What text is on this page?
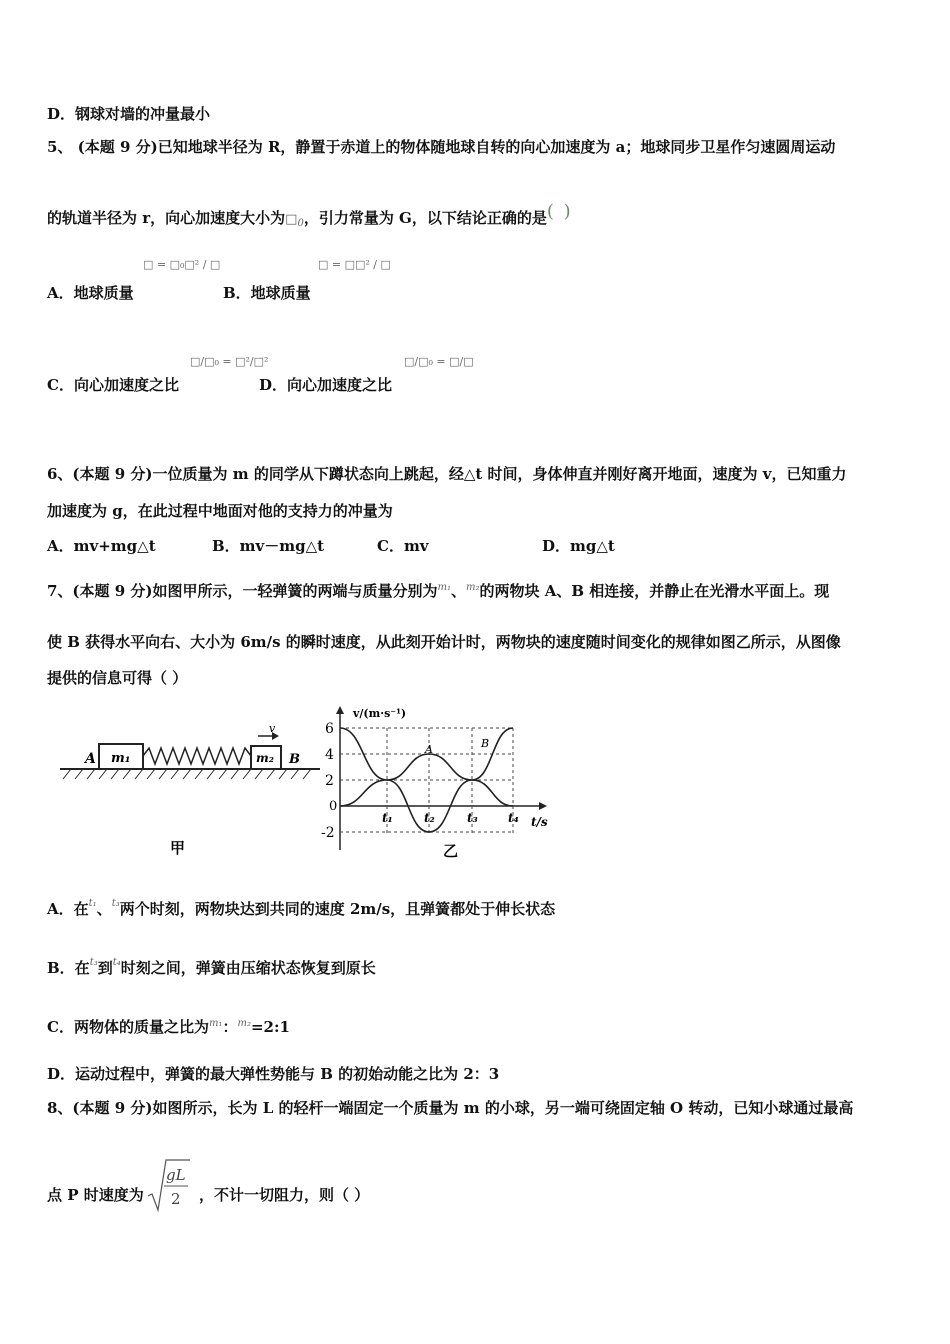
D．钢球对墙的冲量最小
5、 (本题 9 分)已知地球半径为 R，静置于赤道上的物体随地球自转的向心加速度为 a；地球同步卫星作匀速圆周运动
的轨道半径为 r，向心加速度大小为$□_0$，引力常量为 G，以下结论正确的是( )
A．地球质量
□ = □₀□² / □
B．地球质量
□ = □□² / □
C．向心加速度之比
□/□₀ = □²/□²
D．向心加速度之比
□/□₀ = □/□
6、(本题 9 分)一位质量为 m 的同学从下蹲状态向上跳起，经△t 时间，身体伸直并刚好离开地面，速度为 v，已知重力
加速度为 g，在此过程中地面对他的支持力的冲量为
A．mv+mg△t	B．mv－mg△t	C．mv	D．mg△t
7、(本题 9 分)如图甲所示，一轻弹簧的两端与质量分别为$^{m_1}$、$^{m_2}$的两物块 A、B 相连接，并静止在光滑水平面上。现
使 B 获得水平向右、大小为 6m/s 的瞬时速度，从此刻开始计时，两物块的速度随时间变化的规律如图乙所示，从图像
提供的信息可得（ ）
A m₁	m₂ B
v
甲
v/(m·s⁻¹)
t/s
乙
6
4
2
0
-2
t₁	t₂	t₃	t₄
A	B
A．在$^{t_1}$、$^{t_3}$两个时刻，两物块达到共同的速度 2m/s，且弹簧都处于伸长状态
B．在$^{t_3}$到$^{t_4}$时刻之间，弹簧由压缩状态恢复到原长
C．两物体的质量之比为$^{m_1}$：$^{m_2}$=2:1
D．运动过程中，弹簧的最大弹性势能与 B 的初始动能之比为 2：3
8、(本题 9 分)如图所示，长为 L 的轻杆一端固定一个质量为 m 的小球，另一端可绕固定轴 O 转动，已知小球通过最高
点 P 时速度为
gL
2 ，不计一切阻力，则（ ）
